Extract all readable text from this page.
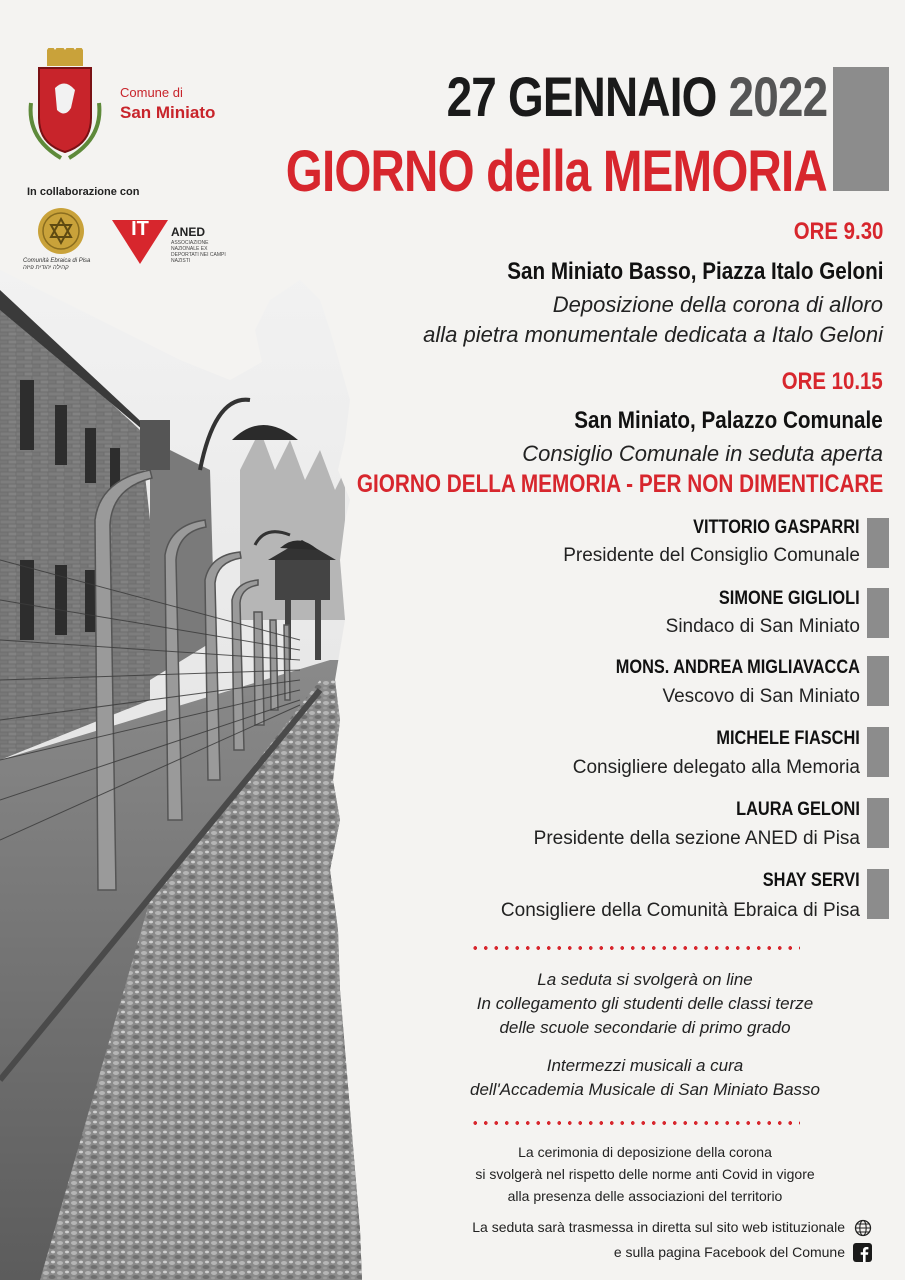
Comune di
San Miniato
In collaborazione con
Comunità Ebraica di Pisa
קהילה יהודית פיזה
IT	ANED
ASSOCIAZIONE NAZIONALE EX DEPORTATI NEI CAMPI NAZISTI
27 GENNAIO 2022
GIORNO della MEMORIA
ORE 9.30
San Miniato Basso, Piazza Italo Geloni
Deposizione della corona di alloro
alla pietra monumentale dedicata a Italo Geloni
ORE 10.15
San Miniato, Palazzo Comunale
Consiglio Comunale in seduta aperta
GIORNO DELLA MEMORIA - PER NON DIMENTICARE
VITTORIO GASPARRI
Presidente del Consiglio Comunale
SIMONE GIGLIOLI
Sindaco di San Miniato
MONS. ANDREA MIGLIAVACCA
Vescovo di San Miniato
MICHELE FIASCHI
Consigliere delegato alla Memoria
LAURA GELONI
Presidente della sezione ANED di Pisa
SHAY SERVI
Consigliere della Comunità Ebraica di Pisa
La seduta si svolgerà on line
In collegamento gli studenti delle classi terze
delle scuole secondarie di primo grado
Intermezzi musicali a cura
dell'Accademia Musicale di San Miniato Basso
La cerimonia di deposizione della corona
si svolgerà nel rispetto delle norme anti Covid in vigore
alla presenza delle associazioni del territorio
La seduta sarà trasmessa in diretta sul sito web istituzionale
e sulla pagina Facebook del Comune
